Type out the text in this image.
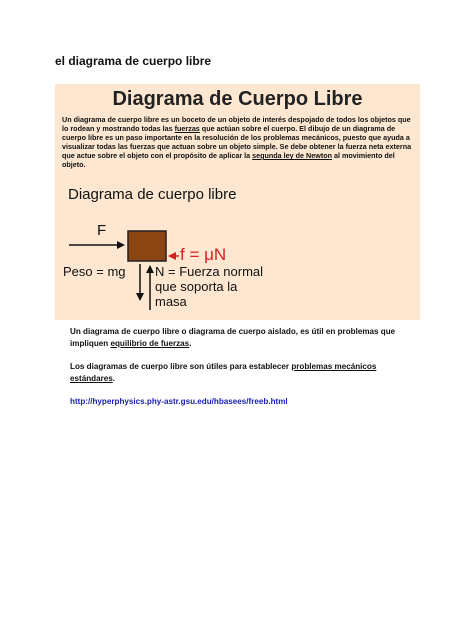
el diagrama de cuerpo libre
Diagrama de Cuerpo Libre
Un diagrama de cuerpo libre es un boceto de un objeto de interés despojado de todos los objetos que lo rodean y mostrando todas las fuerzas que actúan sobre el cuerpo. El dibujo de un diagrama de cuerpo libre es un paso importante en la resolución de los problemas mecánicos, puesto que ayuda a visualizar todas las fuerzas que actuan sobre un objeto simple. Se debe obtener la fuerza neta externa que actue sobre el objeto con el propósito de aplicar la segunda ley de Newton al movimiento del objeto.
Diagrama de cuerpo libre
F
Peso = mg
f = μN
N = Fuerza normal
que soporta la
masa
Un diagrama de cuerpo libre o diagrama de cuerpo aislado, es útil en problemas que impliquen equilibrio de fuerzas.
Los diagramas de cuerpo libre son útiles para establecer problemas mecánicos estándares.
http://hyperphysics.phy-astr.gsu.edu/hbasees/freeb.html
